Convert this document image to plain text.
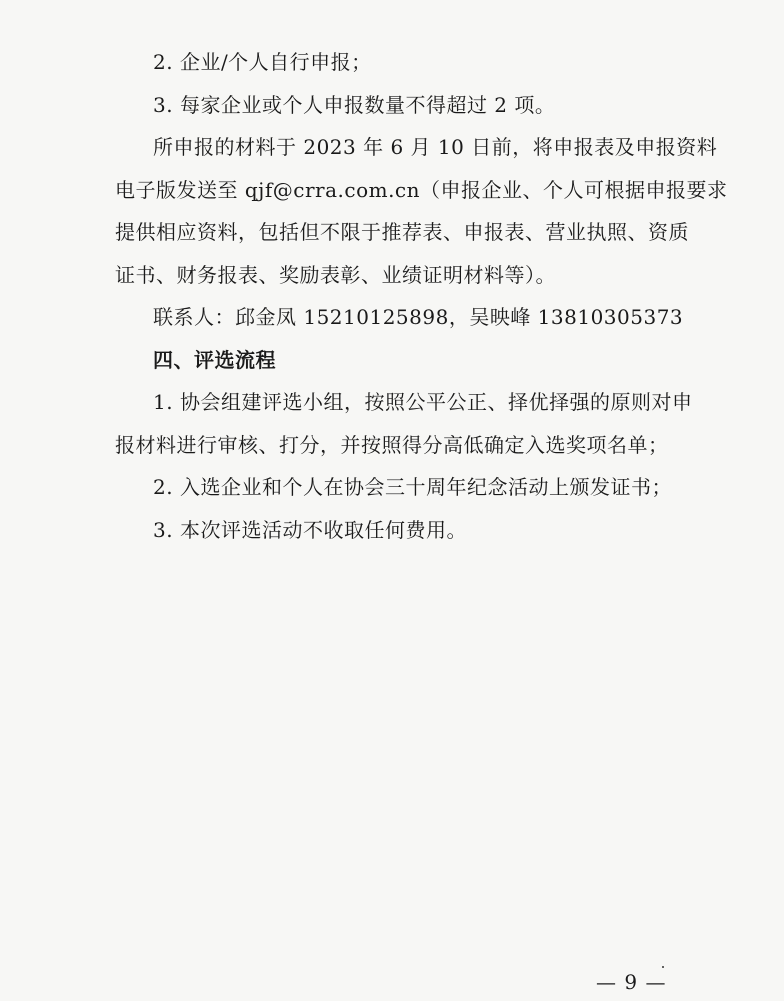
2. 企业/个人自行申报；
3. 每家企业或个人申报数量不得超过 2 项。
所申报的材料于 2023 年 6 月 10 日前，将申报表及申报资料
电子版发送至 qjf@crra.com.cn（申报企业、个人可根据申报要求
提供相应资料，包括但不限于推荐表、申报表、营业执照、资质
证书、财务报表、奖励表彰、业绩证明材料等）。
联系人：邱金凤 15210125898，吴映峰 13810305373
四、评选流程
1. 协会组建评选小组，按照公平公正、择优择强的原则对申
报材料进行审核、打分，并按照得分高低确定入选奖项名单；
2. 入选企业和个人在协会三十周年纪念活动上颁发证书；
3. 本次评选活动不收取任何费用。
— 9 —
